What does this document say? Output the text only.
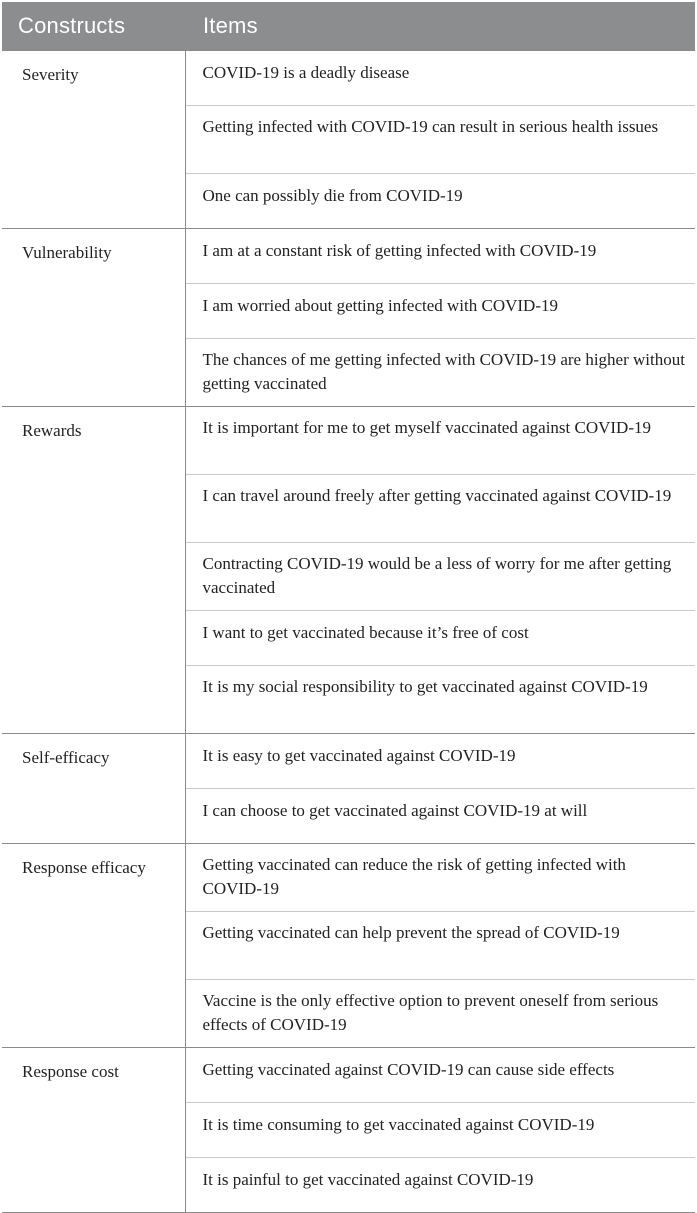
Constructs	Items
Severity	COVID-19 is a deadly disease
	Getting infected with COVID-19 can result in serious health issues
	One can possibly die from COVID-19
Vulnerability	I am at a constant risk of getting infected with COVID-19
	I am worried about getting infected with COVID-19
	The chances of me getting infected with COVID-19 are higher without getting vaccinated
Rewards	It is important for me to get myself vaccinated against COVID-19
	I can travel around freely after getting vaccinated against COVID-19
	Contracting COVID-19 would be a less of worry for me after getting vaccinated
	I want to get vaccinated because it’s free of cost
	It is my social responsibility to get vaccinated against COVID-19
Self-efficacy	It is easy to get vaccinated against COVID-19
	I can choose to get vaccinated against COVID-19 at will
Response efficacy	Getting vaccinated can reduce the risk of getting infected with COVID-19
	Getting vaccinated can help prevent the spread of COVID-19
	Vaccine is the only effective option to prevent oneself from serious effects of COVID-19
Response cost	Getting vaccinated against COVID-19 can cause side effects
	It is time consuming to get vaccinated against COVID-19
	It is painful to get vaccinated against COVID-19
